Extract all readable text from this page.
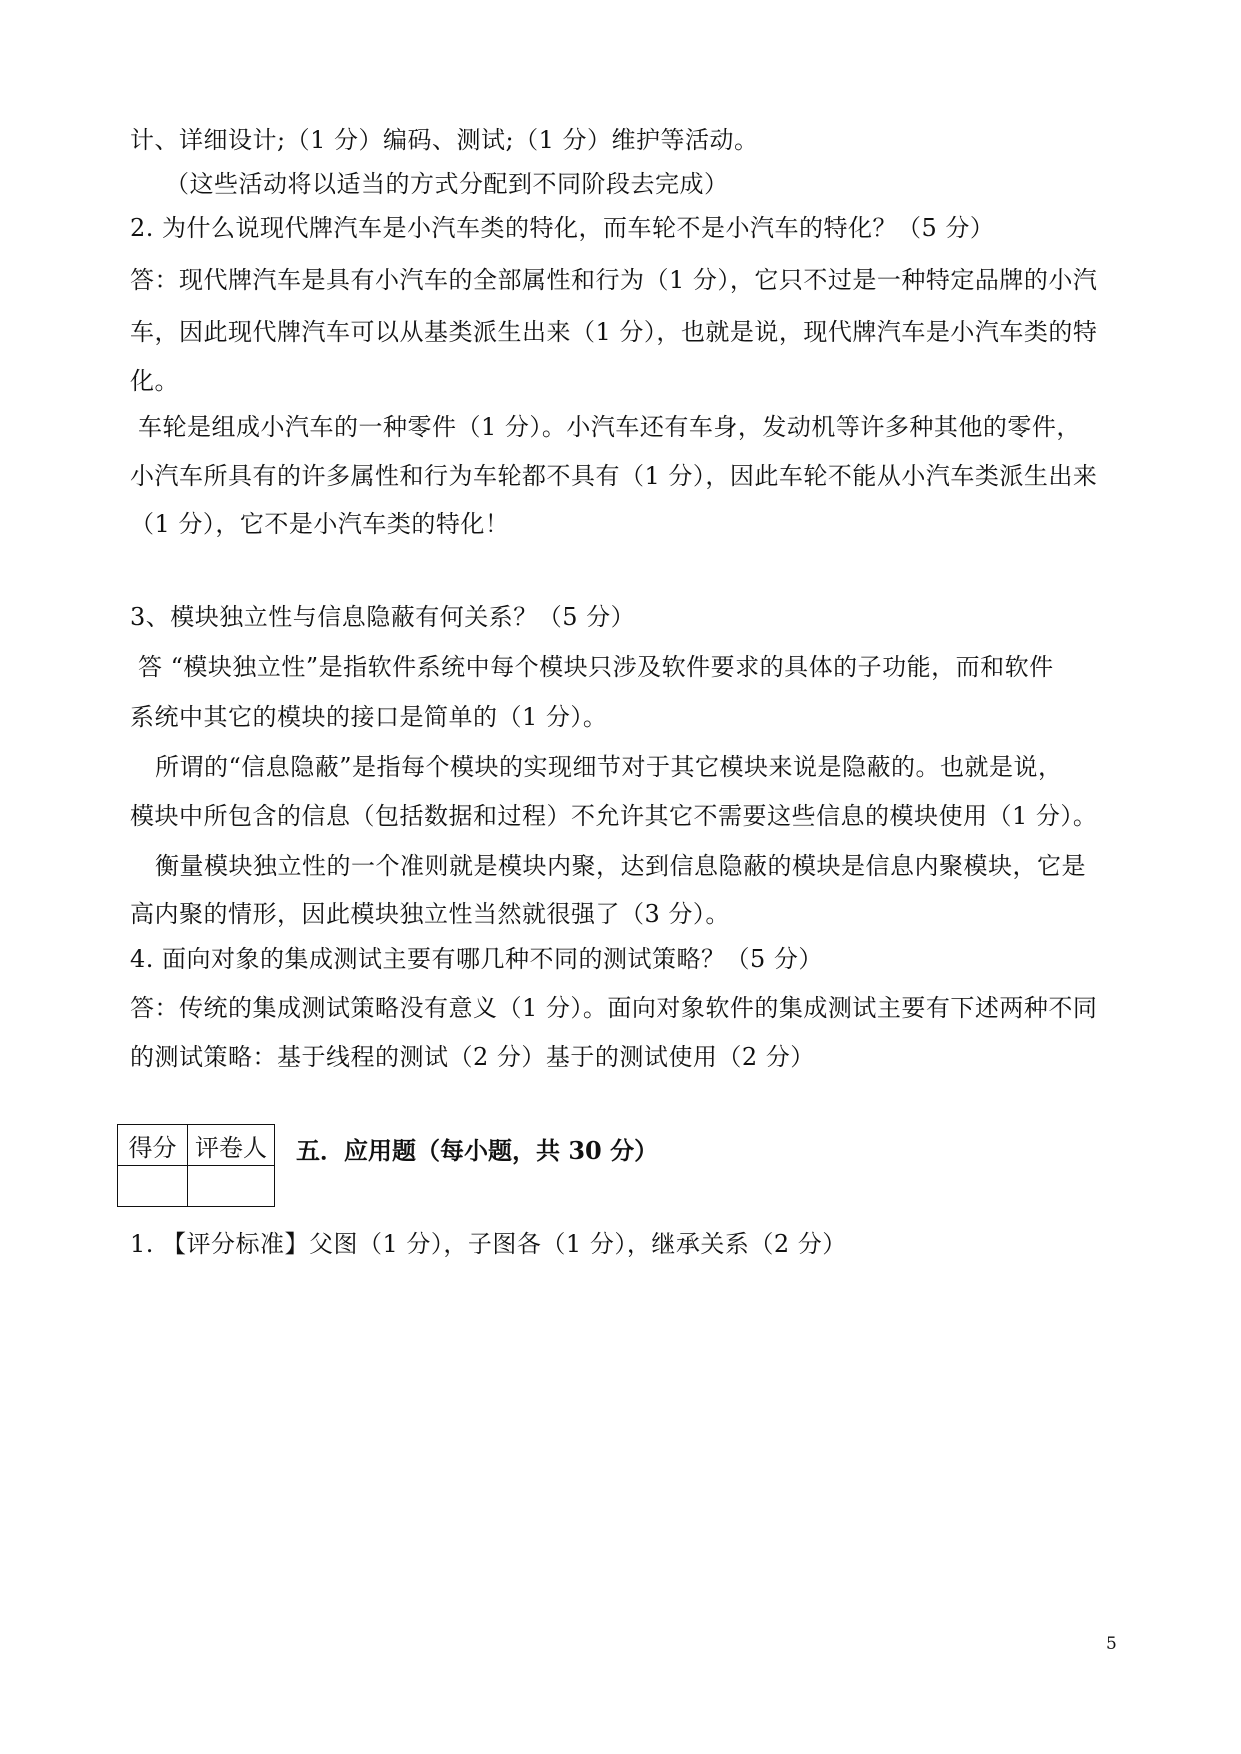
计、详细设计;（1 分）编码、测试;（1 分）维护等活动。
（这些活动将以适当的方式分配到不同阶段去完成）
2. 为什么说现代牌汽车是小汽车类的特化，而车轮不是小汽车的特化？（5 分）
答：现代牌汽车是具有小汽车的全部属性和行为（1 分），它只不过是一种特定品牌的小汽
车，因此现代牌汽车可以从基类派生出来（1 分），也就是说，现代牌汽车是小汽车类的特
化。
车轮是组成小汽车的一种零件（1 分）。小汽车还有车身，发动机等许多种其他的零件，
小汽车所具有的许多属性和行为车轮都不具有（1 分），因此车轮不能从小汽车类派生出来
（1 分），它不是小汽车类的特化！
3、模块独立性与信息隐蔽有何关系？（5 分）
答 “模块独立性”是指软件系统中每个模块只涉及软件要求的具体的子功能，而和软件
系统中其它的模块的接口是简单的（1 分）。
所谓的“信息隐蔽”是指每个模块的实现细节对于其它模块来说是隐蔽的。也就是说，
模块中所包含的信息（包括数据和过程）不允许其它不需要这些信息的模块使用（1 分）。
衡量模块独立性的一个准则就是模块内聚，达到信息隐蔽的模块是信息内聚模块，它是
高内聚的情形，因此模块独立性当然就很强了（3 分）。
4. 面向对象的集成测试主要有哪几种不同的测试策略？（5 分）
答：传统的集成测试策略没有意义（1 分）。面向对象软件的集成测试主要有下述两种不同
的测试策略：基于线程的测试（2 分）基于的测试使用（2 分）
得分	评卷人
	五．应用题（每小题，共 30 分）
1. 【评分标准】父图（1 分），子图各（1 分），继承关系（2 分）
5
